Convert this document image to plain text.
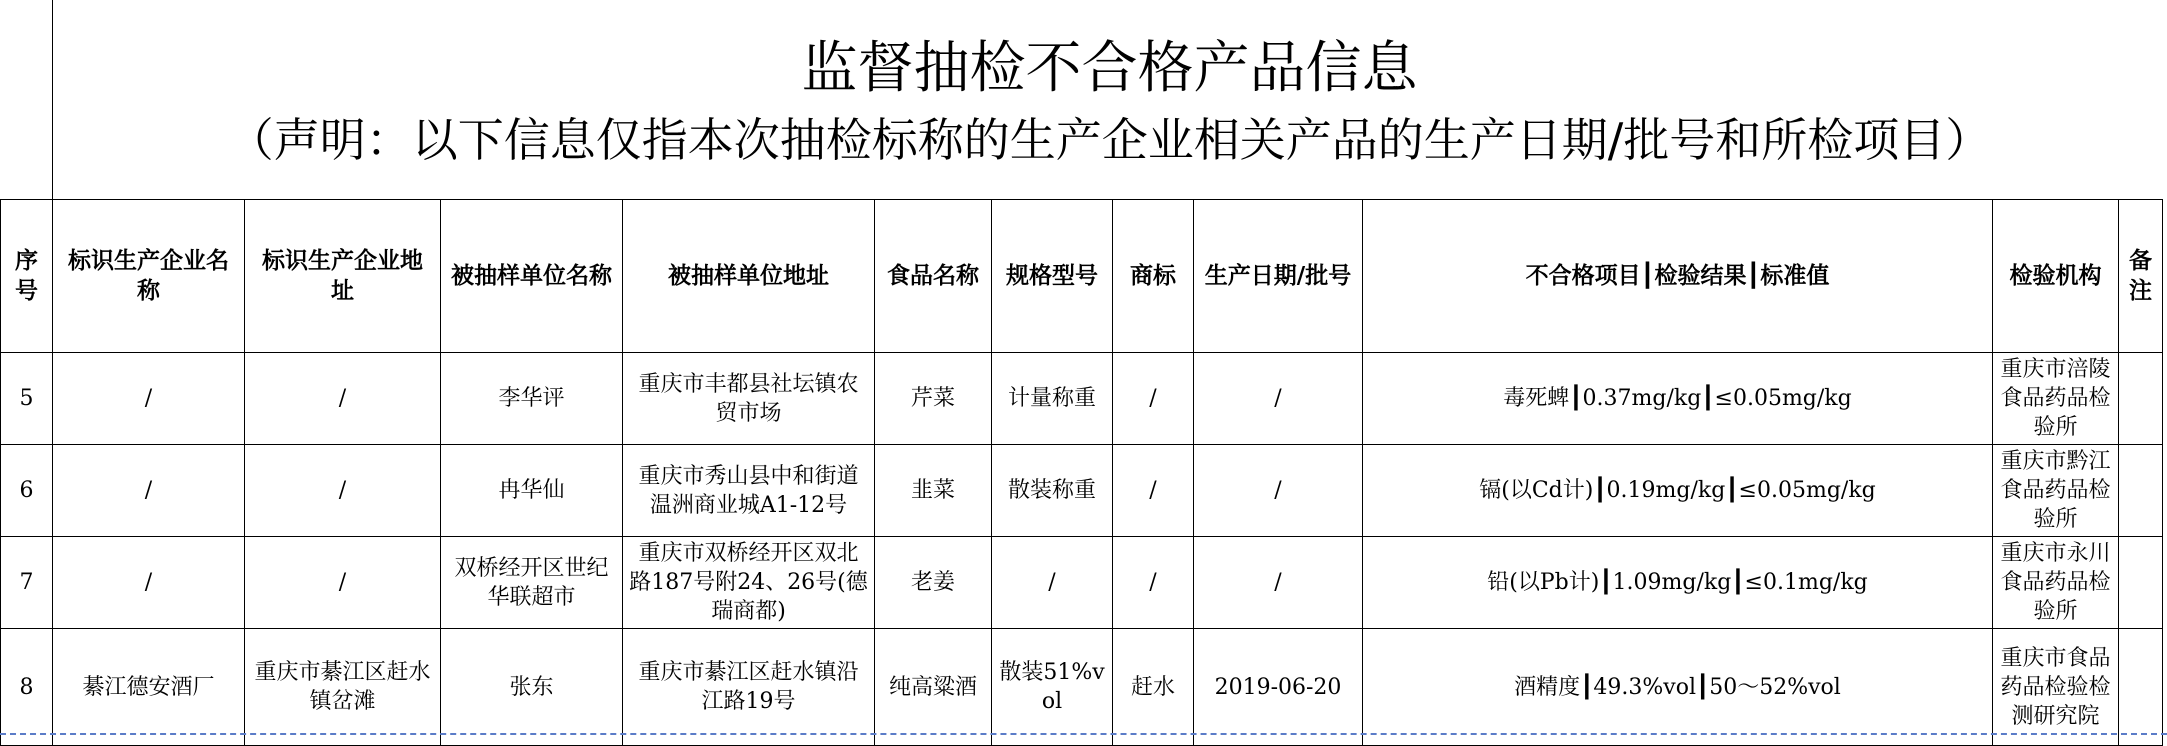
监督抽检不合格产品信息
（声明：以下信息仅指本次抽检标称的生产企业相关产品的生产日期/批号和所检项目）
序号	标识生产企业名称	标识生产企业地址	被抽样单位名称	被抽样单位地址	食品名称	规格型号	商标	生产日期/批号	不合格项目┃检验结果┃标准值	检验机构	备注
5	/	/	李华评	重庆市丰都县社坛镇农贸市场	芹菜	计量称重	/	/	毒死蜱┃0.37mg/kg┃≤0.05mg/kg	重庆市涪陵食品药品检验所	
6	/	/	冉华仙	重庆市秀山县中和街道温洲商业城A1-12号	韭菜	散装称重	/	/	镉(以Cd计)┃0.19mg/kg┃≤0.05mg/kg	重庆市黔江食品药品检验所	
7	/	/	双桥经开区世纪华联超市	重庆市双桥经开区双北路187号附24、26号(德瑞商都)	老姜	/	/	/	铅(以Pb计)┃1.09mg/kg┃≤0.1mg/kg	重庆市永川食品药品检验所	
8	綦江德安酒厂	重庆市綦江区赶水镇岔滩	张东	重庆市綦江区赶水镇沿江路19号	纯高粱酒	散装51%vol	赶水	2019-06-20	酒精度┃49.3%vol┃50～52%vol	重庆市食品药品检验检测研究院	
